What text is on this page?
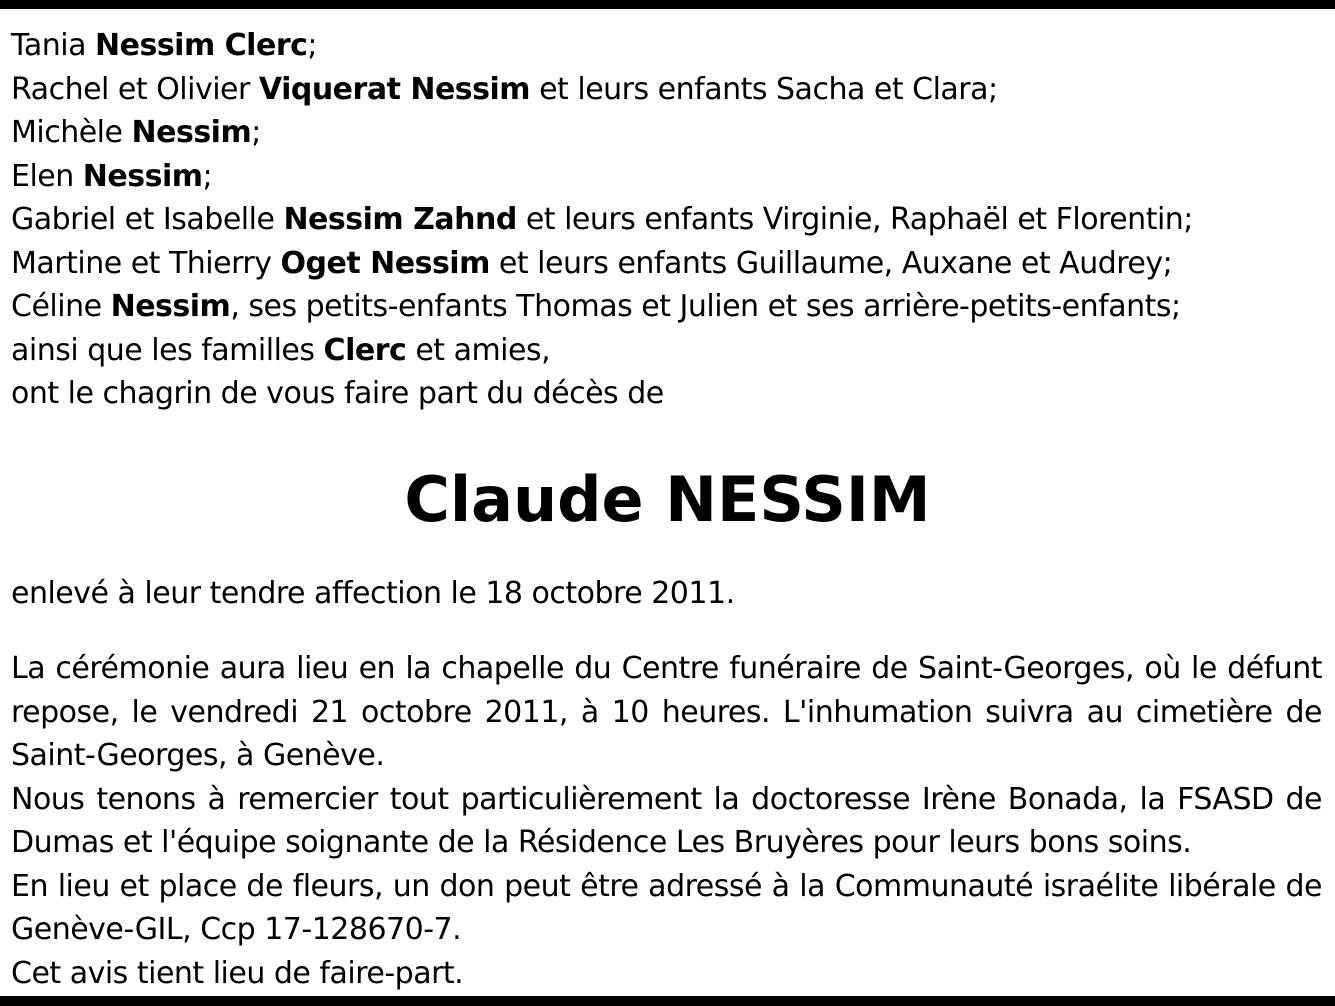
Tania Nessim Clerc;
Rachel et Olivier Viquerat Nessim et leurs enfants Sacha et Clara;
Michèle Nessim;
Elen Nessim;
Gabriel et Isabelle Nessim Zahnd et leurs enfants Virginie, Raphaël et Florentin;
Martine et Thierry Oget Nessim et leurs enfants Guillaume, Auxane et Audrey;
Céline Nessim, ses petits-enfants Thomas et Julien et ses arrière-petits-enfants;
ainsi que les familles Clerc et amies,
ont le chagrin de vous faire part du décès de
Claude NESSIM
enlevé à leur tendre affection le 18 octobre 2011.
La cérémonie aura lieu en la chapelle du Centre funéraire de Saint-Georges, où le défunt repose, le vendredi 21 octobre 2011, à 10 heures. L'inhumation suivra au cimetière de Saint-Georges, à Genève.
Nous tenons à remercier tout particulièrement la doctoresse Irène Bonada, la FSASD de Dumas et l'équipe soignante de la Résidence Les Bruyères pour leurs bons soins.
En lieu et place de fleurs, un don peut être adressé à la Communauté israélite libérale de Genève-GIL, Ccp 17-128670-7.
Cet avis tient lieu de faire-part.
